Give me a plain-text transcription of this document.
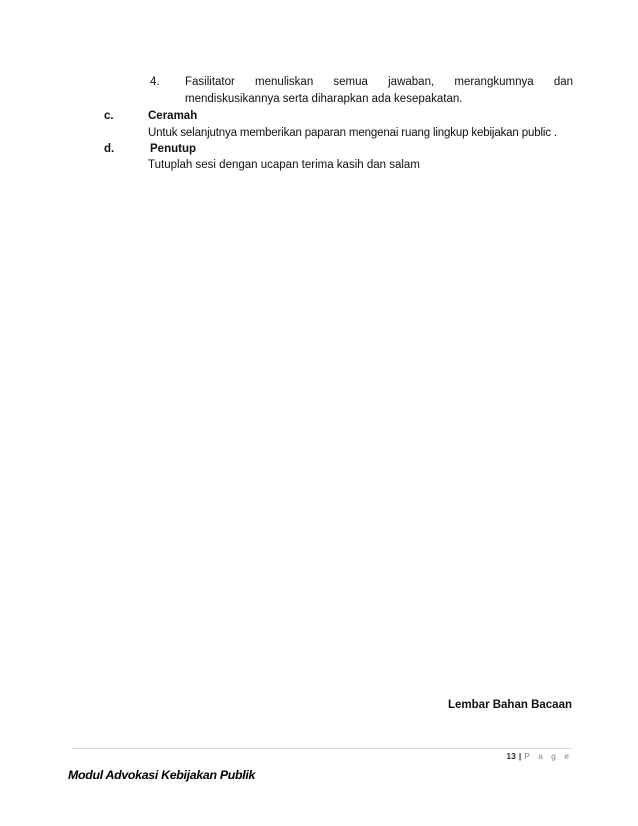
4. Fasilitator menuliskan semua jawaban, merangkumnya dan
mendiskusikannya serta diharapkan ada kesepakatan.
c.	Ceramah
Untuk selanjutnya memberikan paparan mengenai ruang lingkup kebijakan public .
d.	Penutup
Tutuplah sesi dengan ucapan terima kasih dan salam
Lembar Bahan Bacaan
13 | P a g e
Modul Advokasi Kebijakan Publik
